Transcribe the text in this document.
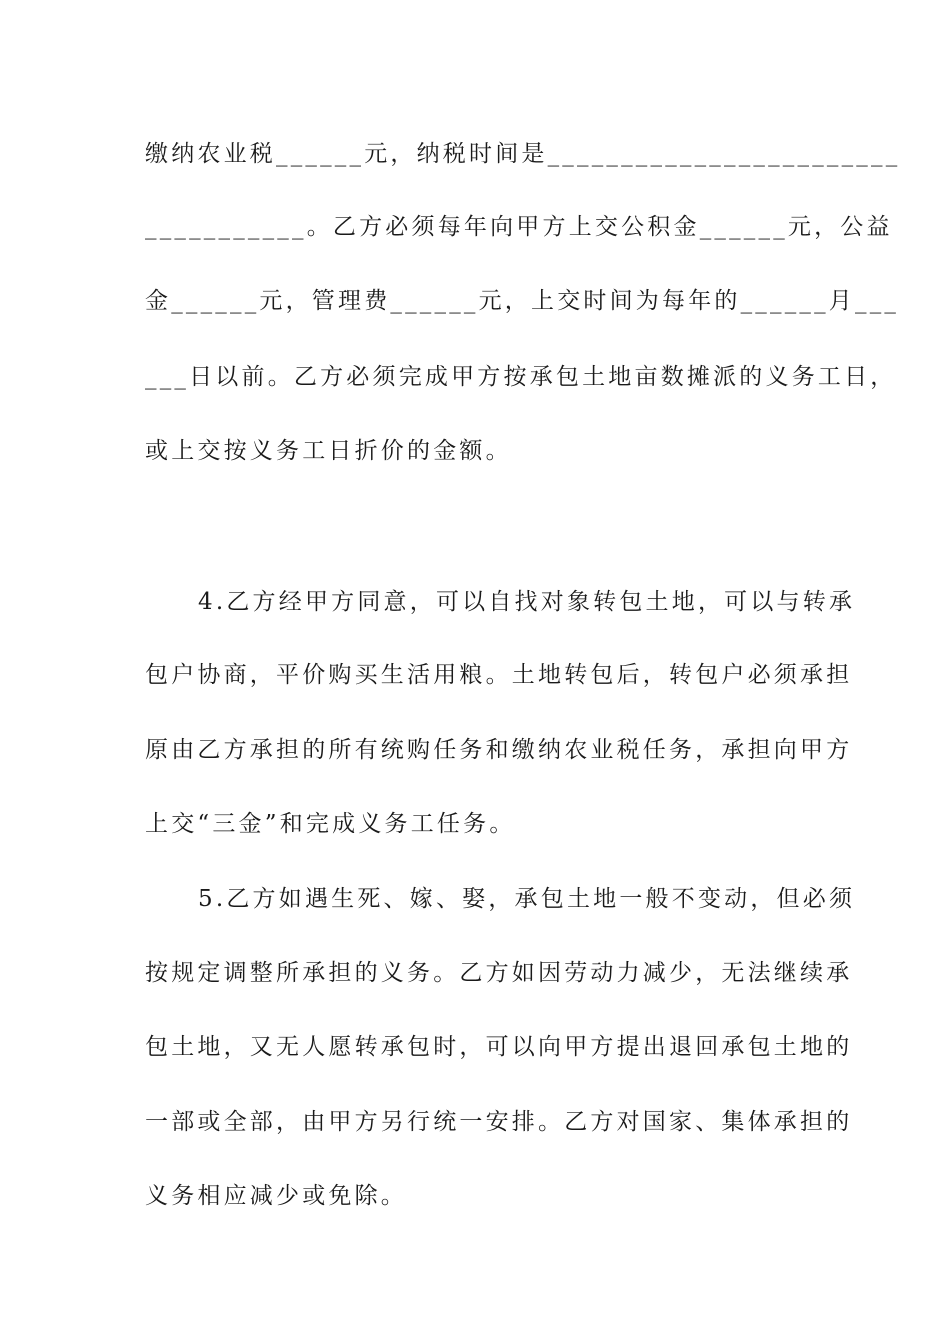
缴纳农业税______元，纳税时间是________________________
___________。乙方必须每年向甲方上交公积金______元，公益
金______元，管理费______元，上交时间为每年的______月___
___日以前。乙方必须完成甲方按承包土地亩数摊派的义务工日，
或上交按义务工日折价的金额。
4.乙方经甲方同意，可以自找对象转包土地，可以与转承
包户协商，平价购买生活用粮。土地转包后，转包户必须承担
原由乙方承担的所有统购任务和缴纳农业税任务，承担向甲方
上交“三金”和完成义务工任务。
5.乙方如遇生死、嫁、娶，承包土地一般不变动，但必须
按规定调整所承担的义务。乙方如因劳动力减少，无法继续承
包土地，又无人愿转承包时，可以向甲方提出退回承包土地的
一部或全部，由甲方另行统一安排。乙方对国家、集体承担的
义务相应减少或免除。
